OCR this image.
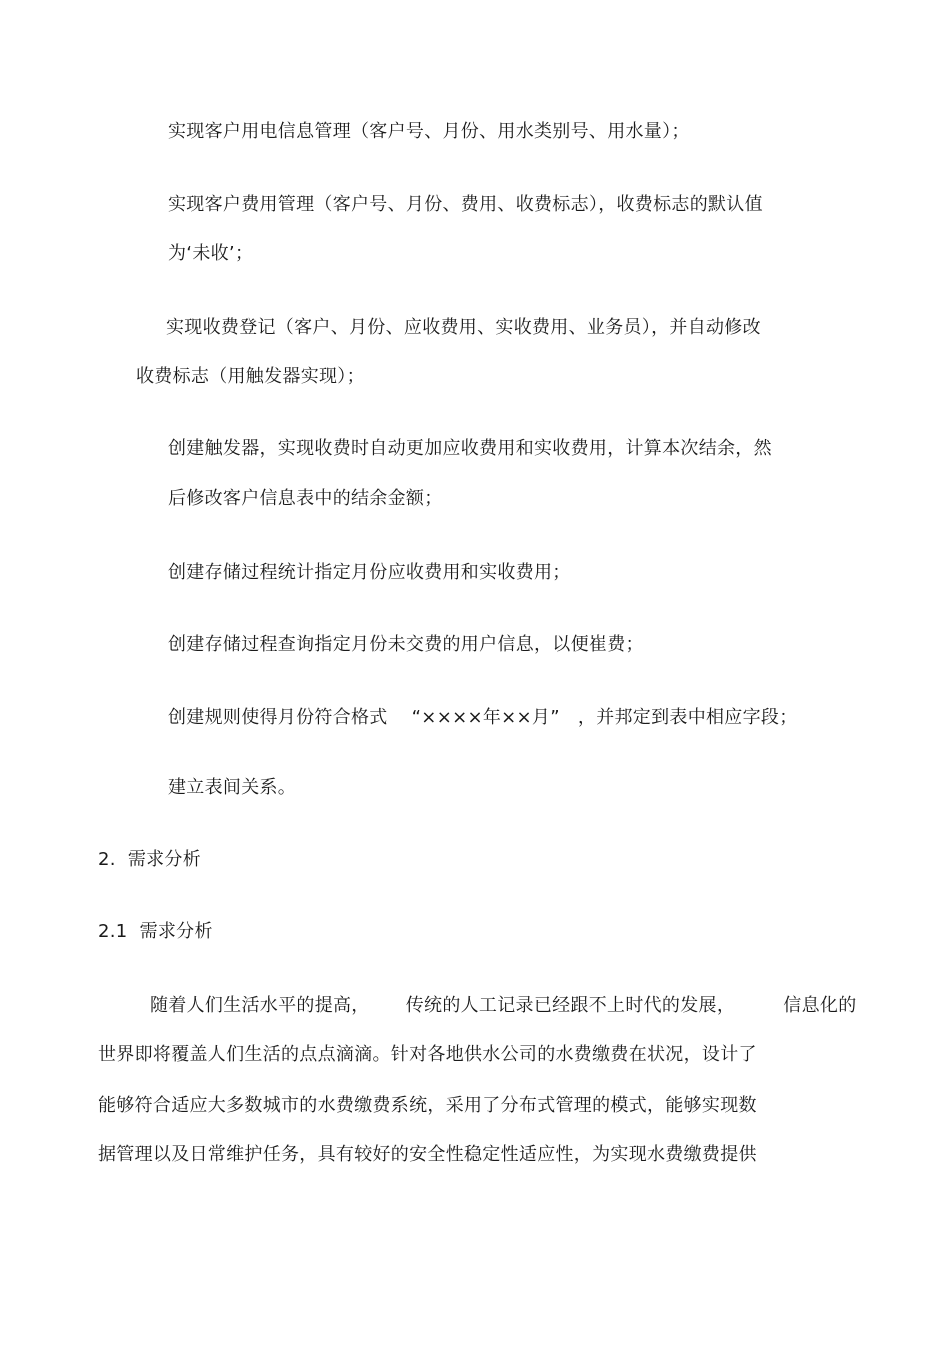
实现客户用电信息管理（客户号、月份、用水类别号、用水量）；
实现客户费用管理（客户号、月份、费用、收费标志），收费标志的默认值
为‘未收’；
实现收费登记（客户、月份、应收费用、实收费用、业务员），并自动修改
收费标志（用触发器实现）；
创建触发器，实现收费时自动更加应收费用和实收费用，计算本次结余，然
后修改客户信息表中的结余金额；
创建存储过程统计指定月份应收费用和实收费用；
创建存储过程查询指定月份未交费的用户信息，以便崔费；
创建规则使得月份符合格式    “××××年××月”   ，并邦定到表中相应字段；
建立表间关系。
2.  需求分析
2.1  需求分析
随着人们生活水平的提高，      传统的人工记录已经跟不上时代的发展，        信息化的
世界即将覆盖人们生活的点点滴滴。针对各地供水公司的水费缴费在状况，设计了
能够符合适应大多数城市的水费缴费系统，采用了分布式管理的模式，能够实现数
据管理以及日常维护任务，具有较好的安全性稳定性适应性，为实现水费缴费提供
